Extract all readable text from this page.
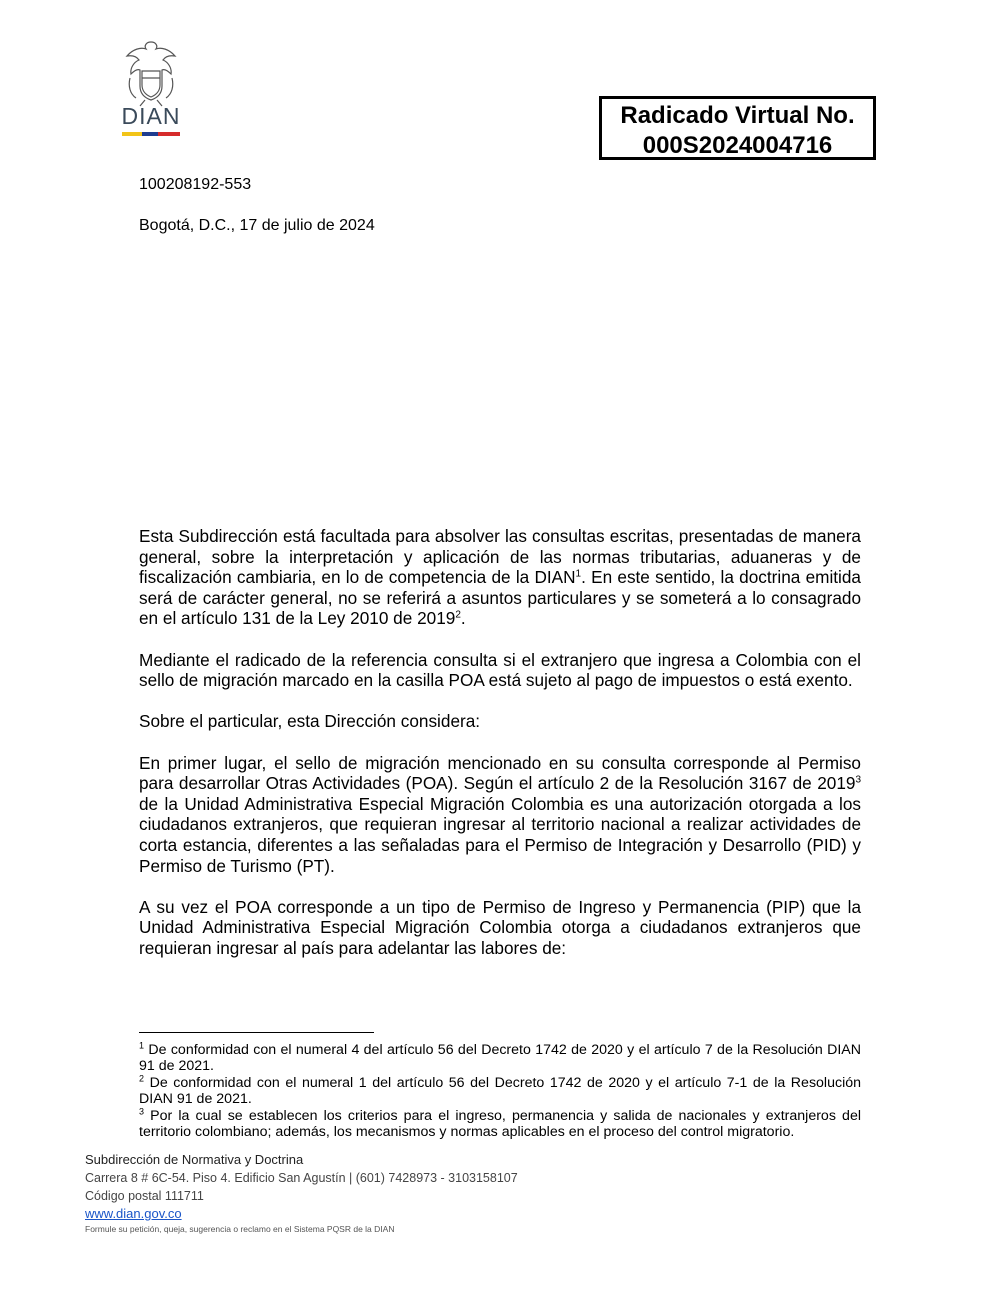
DIAN	Radicado Virtual No.
000S2024004716
100208192-553
Bogotá, D.C., 17 de julio de 2024

Esta Subdirección está facultada para absolver las consultas escritas, presentadas de manera general, sobre la interpretación y aplicación de las normas tributarias, aduaneras y de fiscalización cambiaria, en lo de competencia de la DIAN$^1$. En este sentido, la doctrina emitida será de carácter general, no se referirá a asuntos particulares y se someterá a lo consagrado en el artículo 131 de la Ley 2010 de 2019$^2$.

Mediante el radicado de la referencia consulta si el extranjero que ingresa a Colombia con el sello de migración marcado en la casilla POA está sujeto al pago de impuestos o está exento.

Sobre el particular, esta Dirección considera:

En primer lugar, el sello de migración mencionado en su consulta corresponde al Permiso para desarrollar Otras Actividades (POA). Según el artículo 2 de la Resolución 3167 de 2019$^3$ de la Unidad Administrativa Especial Migración Colombia es una autorización otorgada a los ciudadanos extranjeros, que requieran ingresar al territorio nacional a realizar actividades de corta estancia, diferentes a las señaladas para el Permiso de Integración y Desarrollo (PID) y Permiso de Turismo (PT).

A su vez el POA corresponde a un tipo de Permiso de Ingreso y Permanencia (PIP) que la Unidad Administrativa Especial Migración Colombia otorga a ciudadanos extranjeros que requieran ingresar al país para adelantar las labores de:

$^1$ De conformidad con el numeral 4 del artículo 56 del Decreto 1742 de 2020 y el artículo 7 de la Resolución DIAN 91 de 2021.

$^2$ De conformidad con el numeral 1 del artículo 56 del Decreto 1742 de 2020 y el artículo 7-1 de la Resolución DIAN 91 de 2021.

$^3$ Por la cual se establecen los criterios para el ingreso, permanencia y salida de nacionales y extranjeros del territorio colombiano; además, los mecanismos y normas aplicables en el proceso del control migratorio.

Subdirección de Normativa y Doctrina
Carrera 8 # 6C-54. Piso 4. Edificio San Agustín | (601) 7428973 - 3103158107
Código postal 111711
www.dian.gov.co
Formule su petición, queja, sugerencia o reclamo en el Sistema PQSR de la DIAN
